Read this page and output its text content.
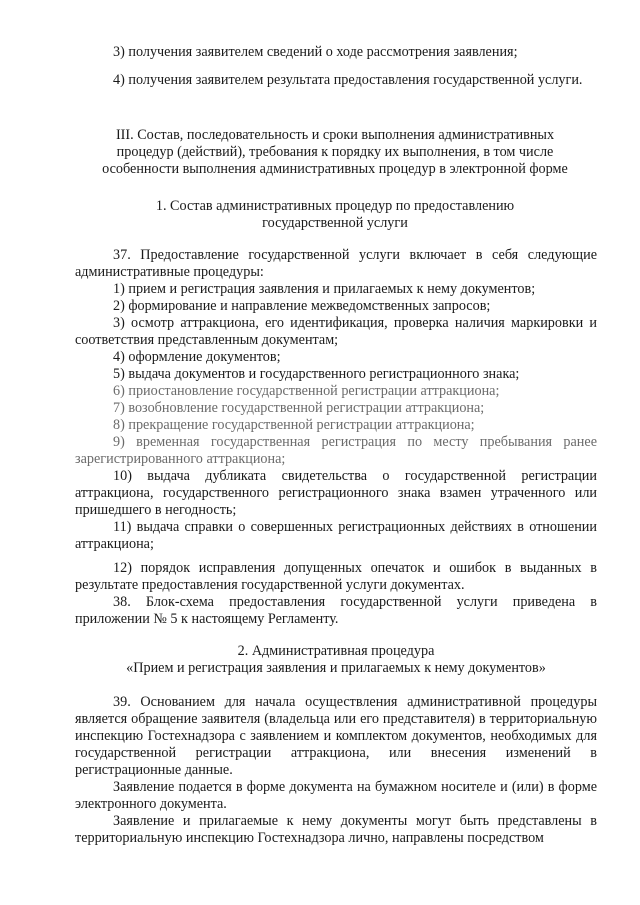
3) получения заявителем сведений о ходе рассмотрения заявления;

4) получения заявителем результата предоставления государственной услуги.

III. Состав, последовательность и сроки выполнения административных процедур (действий), требования к порядку их выполнения, в том числе особенности выполнения административных процедур в электронной форме

1. Состав административных процедур по предоставлению государственной услуги

37. Предоставление государственной услуги включает в себя следующие административные процедуры:

1) прием и регистрация заявления и прилагаемых к нему документов;

2) формирование и направление межведомственных запросов;

3) осмотр аттракциона, его идентификация, проверка наличия маркировки и соответствия представленным документам;

4) оформление документов;

5) выдача документов и государственного регистрационного знака;

6) приостановление государственной регистрации аттракциона;

7) возобновление государственной регистрации аттракциона;

8) прекращение государственной регистрации аттракциона;

9) временная государственная регистрация по месту пребывания ранее зарегистрированного аттракциона;

10) выдача дубликата свидетельства о государственной регистрации аттракциона, государственного регистрационного знака взамен утраченного или пришедшего в негодность;

11) выдача справки о совершенных регистрационных действиях в отношении аттракциона;

12) порядок исправления допущенных опечаток и ошибок в выданных в результате предоставления государственной услуги документах.

38. Блок-схема предоставления государственной услуги приведена в приложении № 5 к настоящему Регламенту.

2. Административная процедура

«Прием и регистрация заявления и прилагаемых к нему документов»

39. Основанием для начала осуществления административной процедуры является обращение заявителя (владельца или его представителя) в территориальную инспекцию Гостехнадзора с заявлением и комплектом документов, необходимых для государственной регистрации аттракциона, или внесения изменений в регистрационные данные.

Заявление подается в форме документа на бумажном носителе и (или) в форме электронного документа.

Заявление и прилагаемые к нему документы могут быть представлены в территориальную инспекцию Гостехнадзора лично, направлены посредством
